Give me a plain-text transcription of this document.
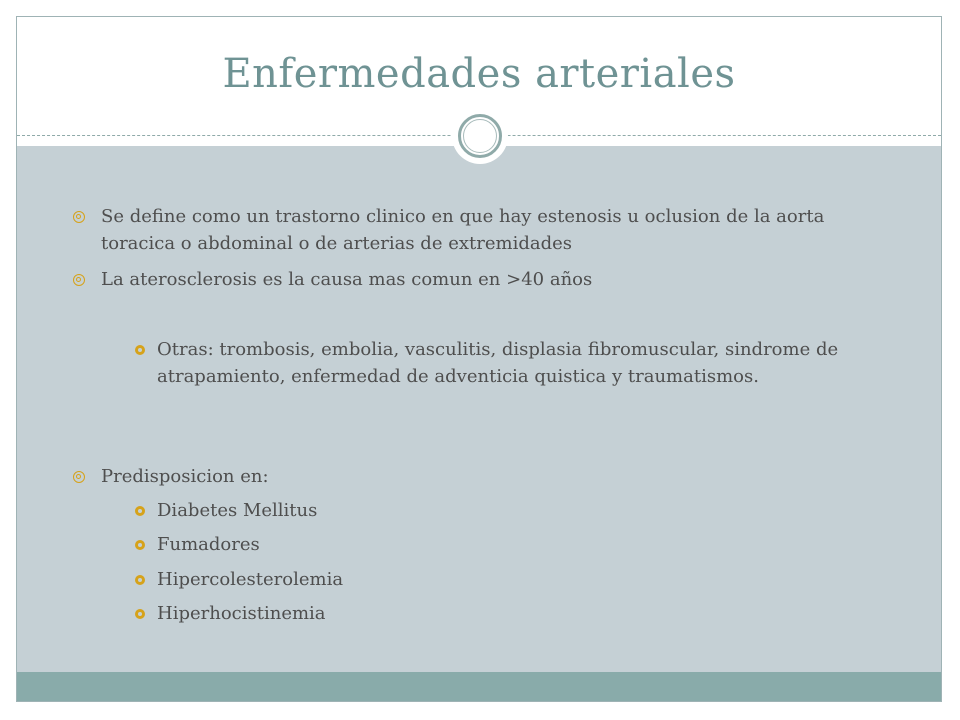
Enfermedades arteriales

Se define como un trastorno clinico en que hay estenosis u oclusion de la aorta toracica o abdominal o de arterias de extremidades

La aterosclerosis es la causa mas comun en >40 años

Otras: trombosis, embolia, vasculitis, displasia fibromuscular, sindrome de atrapamiento, enfermedad de adventicia quistica y traumatismos.

Predisposicion en:

Diabetes Mellitus

Fumadores

Hipercolesterolemia

Hiperhocistinemia
